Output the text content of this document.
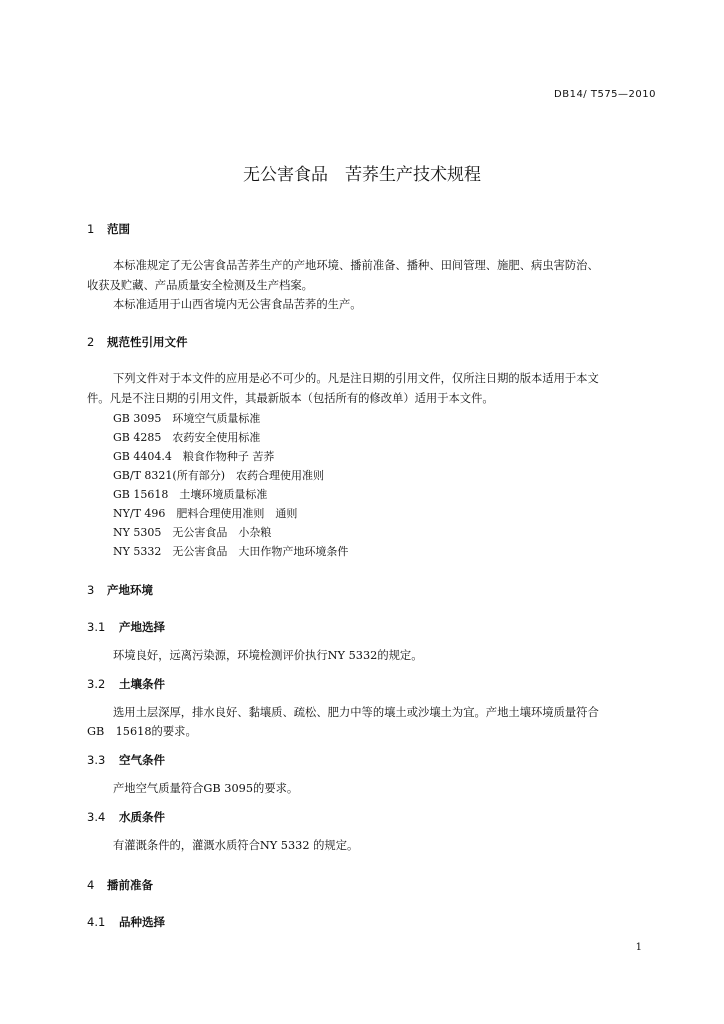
DB14/ T575—2010
无公害食品　苦荞生产技术规程
1 范围
本标准规定了无公害食品苦荞生产的产地环境、播前准备、播种、田间管理、施肥、病虫害防治、
收获及贮藏、产品质量安全检测及生产档案。
本标准适用于山西省境内无公害食品苦荞的生产。
2 规范性引用文件
下列文件对于本文件的应用是必不可少的。凡是注日期的引用文件，仅所注日期的版本适用于本文
件。凡是不注日期的引用文件，其最新版本（包括所有的修改单）适用于本文件。
GB 3095　环境空气质量标准
GB 4285　农药安全使用标准
GB 4404.4　粮食作物种子 苦荞
GB/T 8321(所有部分)　农药合理使用准则
GB 15618　土壤环境质量标准
NY/T 496　肥料合理使用准则　通则
NY 5305　无公害食品　小杂粮
NY 5332　无公害食品　大田作物产地环境条件
3 产地环境
3.1 产地选择
环境良好，远离污染源，环境检测评价执行NY 5332的规定。
3.2 土壤条件
选用土层深厚，排水良好、黏壤质、疏松、肥力中等的壤土或沙壤土为宜。产地土壤环境质量符合
GB　15618的要求。
3.3 空气条件
产地空气质量符合GB 3095的要求。
3.4 水质条件
有灌溉条件的，灌溉水质符合NY 5332 的规定。
4 播前准备
4.1 品种选择
1
